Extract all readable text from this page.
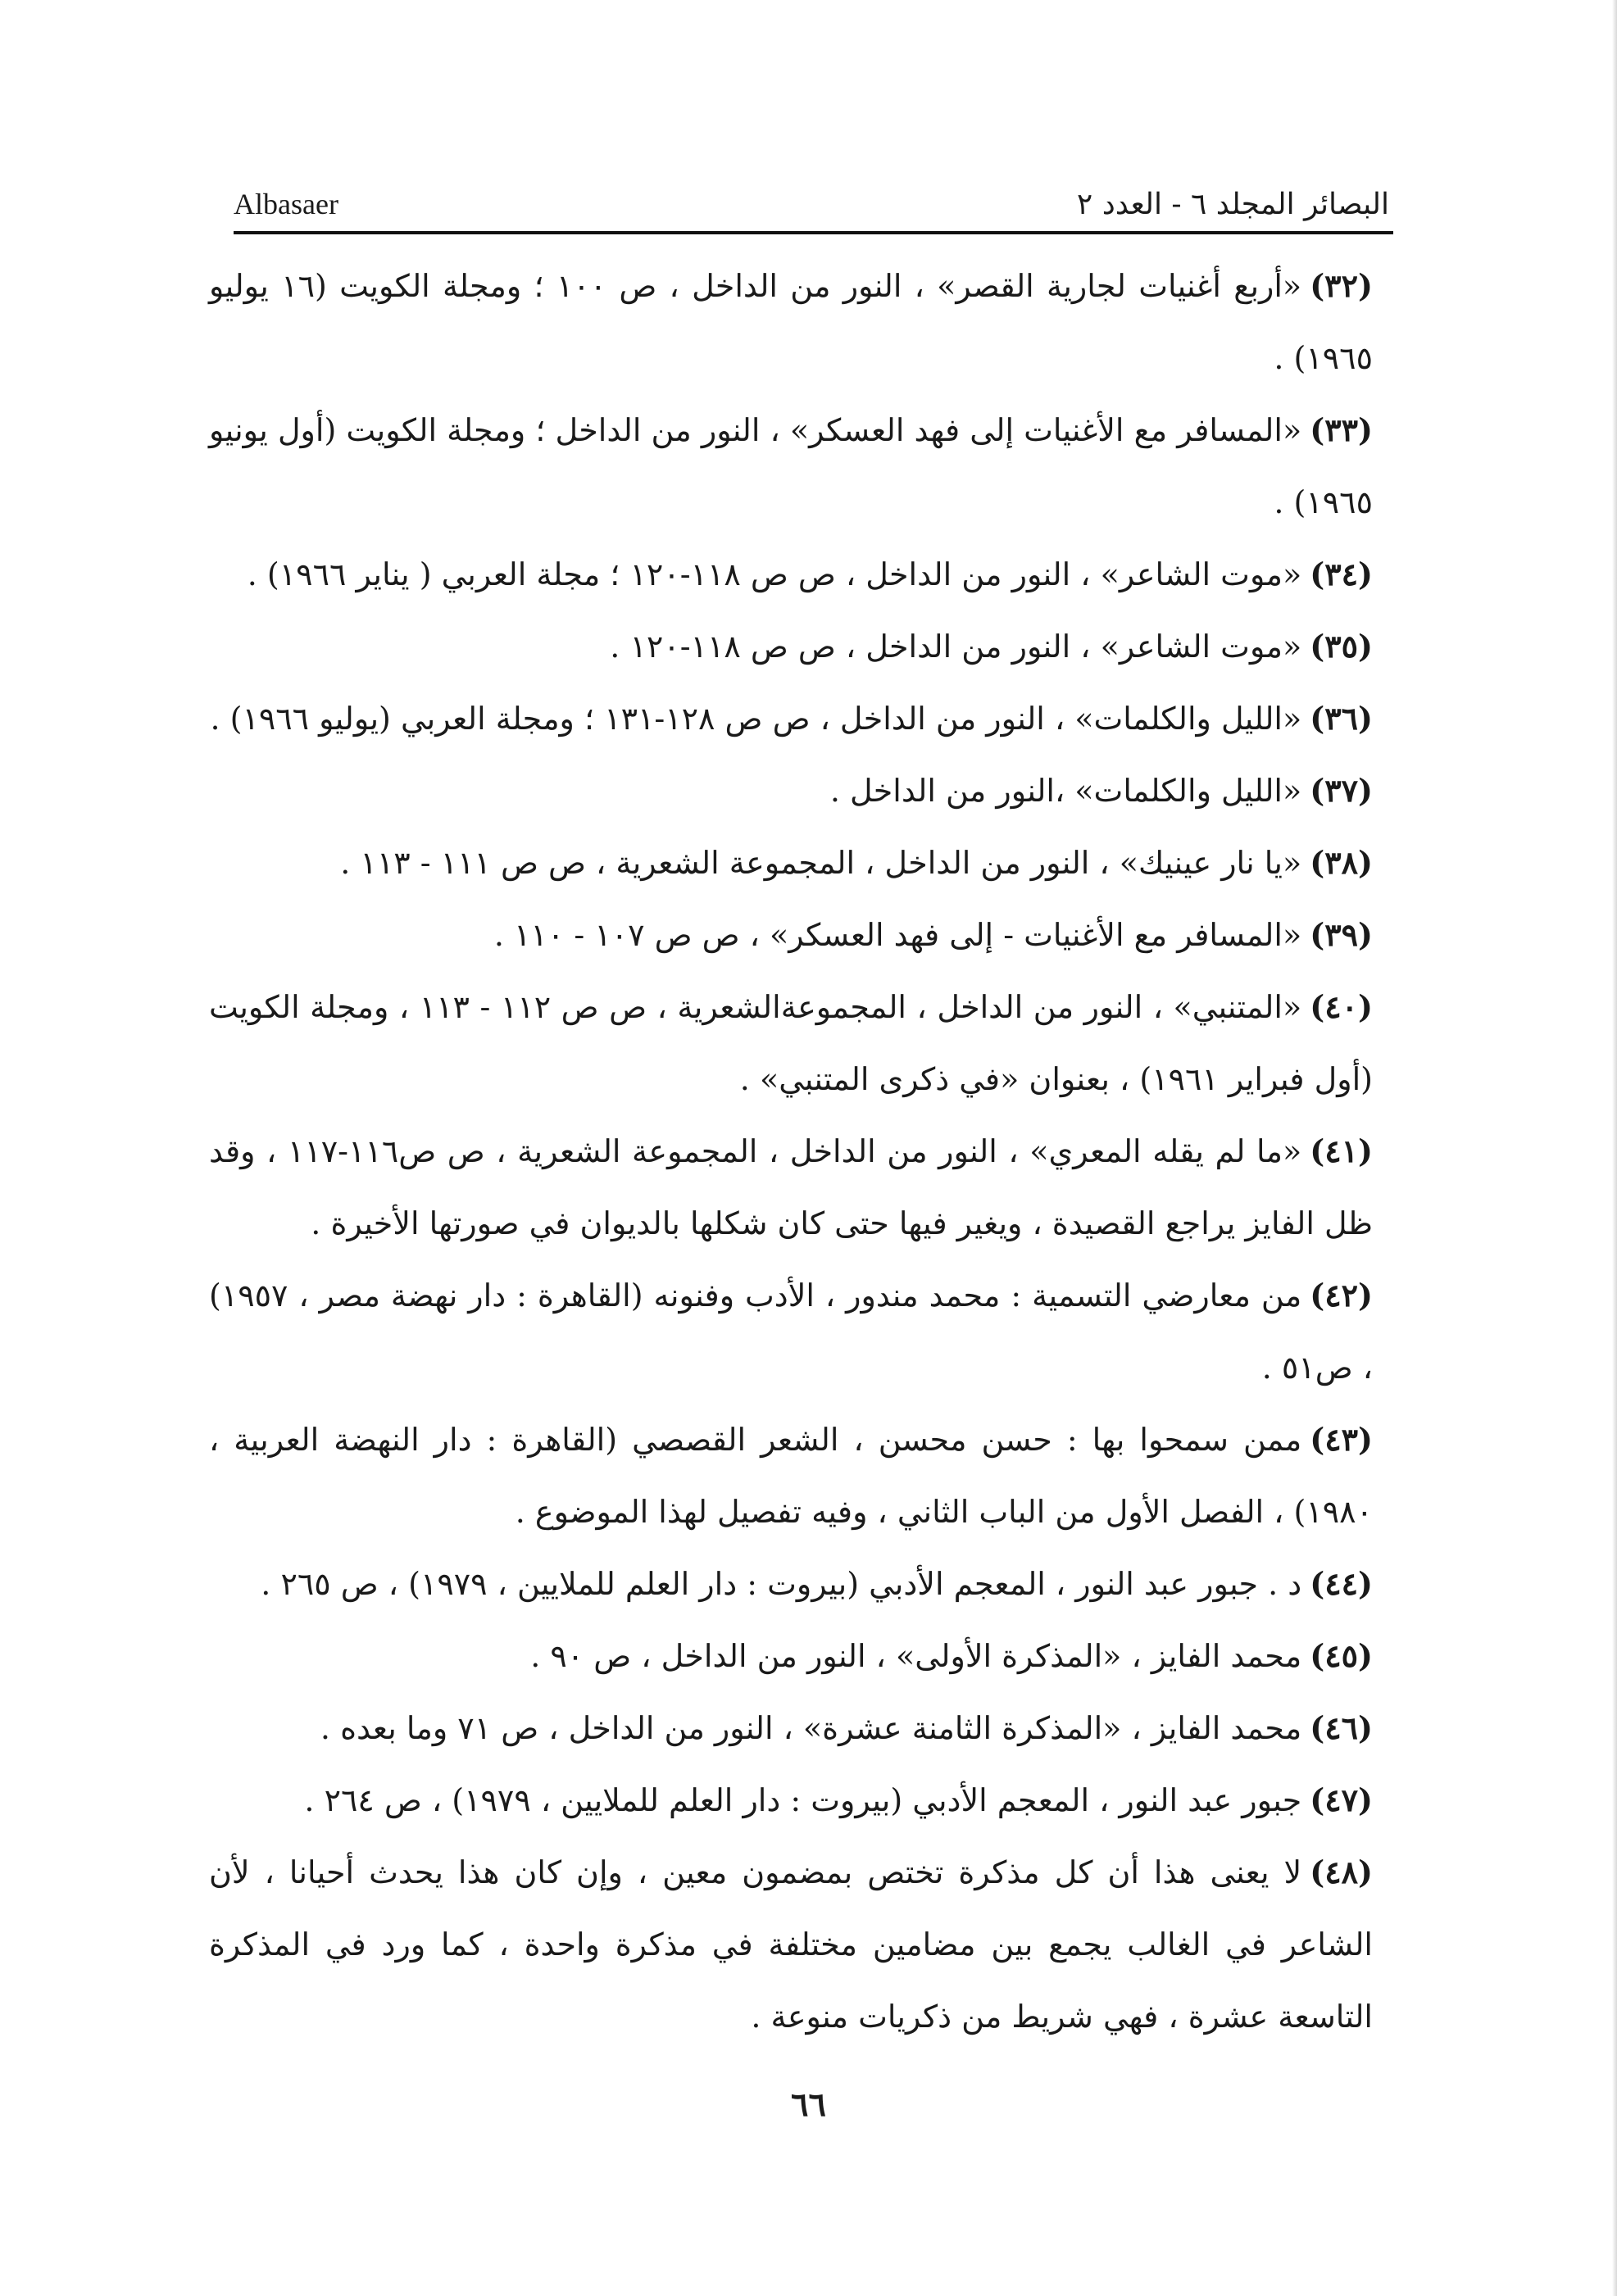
Albasaer	البصائر المجلد ٦ - العدد ٢
(٣٢)«أربع أغنيات لجارية القصر» ، النور من الداخل ، ص ١٠٠ ؛ ومجلة الكويت (١٦ يوليو ١٩٦٥) .
(٣٣)«المسافر مع الأغنيات إلى فهد العسكر» ، النور من الداخل ؛ ومجلة الكويت (أول يونيو ١٩٦٥) .
(٣٤)«موت الشاعر» ، النور من الداخل ، ص ص ١١٨-١٢٠ ؛ مجلة العربي ( يناير ١٩٦٦) .
(٣٥)«موت الشاعر» ، النور من الداخل ، ص ص ١١٨-١٢٠ .
(٣٦)«الليل والكلمات» ، النور من الداخل ، ص ص ١٢٨-١٣١ ؛ ومجلة العربي (يوليو ١٩٦٦) .
(٣٧)«الليل والكلمات» ،النور من الداخل .
(٣٨)«يا نار عينيك» ، النور من الداخل ، المجموعة الشعرية ، ص ص ١١١ - ١١٣ .
(٣٩)«المسافر مع الأغنيات - إلى فهد العسكر» ، ص ص ١٠٧ - ١١٠ .
(٤٠)«المتنبي» ، النور من الداخل ، المجموعةالشعرية ، ص ص ١١٢ - ١١٣ ، ومجلة الكويت (أول فبراير ١٩٦١) ، بعنوان «في ذكرى المتنبي» .
(٤١)«ما لم يقله المعري» ، النور من الداخل ، المجموعة الشعرية ، ص ص١١٦-١١٧ ، وقد ظل الفايز يراجع القصيدة ، ويغير فيها حتى كان شكلها بالديوان في صورتها الأخيرة .
(٤٢)من معارضي التسمية : محمد مندور ، الأدب وفنونه (القاهرة : دار نهضة مصر ، ١٩٥٧) ، ص٥١ .
(٤٣)ممن سمحوا بها : حسن محسن ، الشعر القصصي (القاهرة : دار النهضة العربية ، ١٩٨٠) ، الفصل الأول من الباب الثاني ، وفيه تفصيل لهذا الموضوع .
(٤٤)د . جبور عبد النور ، المعجم الأدبي (بيروت : دار العلم للملايين ، ١٩٧٩) ، ص ٢٦٥ .
(٤٥)محمد الفايز ، «المذكرة الأولى» ، النور من الداخل ، ص ٩٠ .
(٤٦)محمد الفايز ، «المذكرة الثامنة عشرة» ، النور من الداخل ، ص ٧١ وما بعده .
(٤٧)جبور عبد النور ، المعجم الأدبي (بيروت : دار العلم للملايين ، ١٩٧٩) ، ص ٢٦٤ .
(٤٨)لا يعنى هذا أن كل مذكرة تختص بمضمون معين ، وإن كان هذا يحدث أحيانا ، لأن الشاعر في الغالب يجمع بين مضامين مختلفة في مذكرة واحدة ، كما ورد في المذكرة التاسعة عشرة ، فهي شريط من ذكريات منوعة .
٦٦
